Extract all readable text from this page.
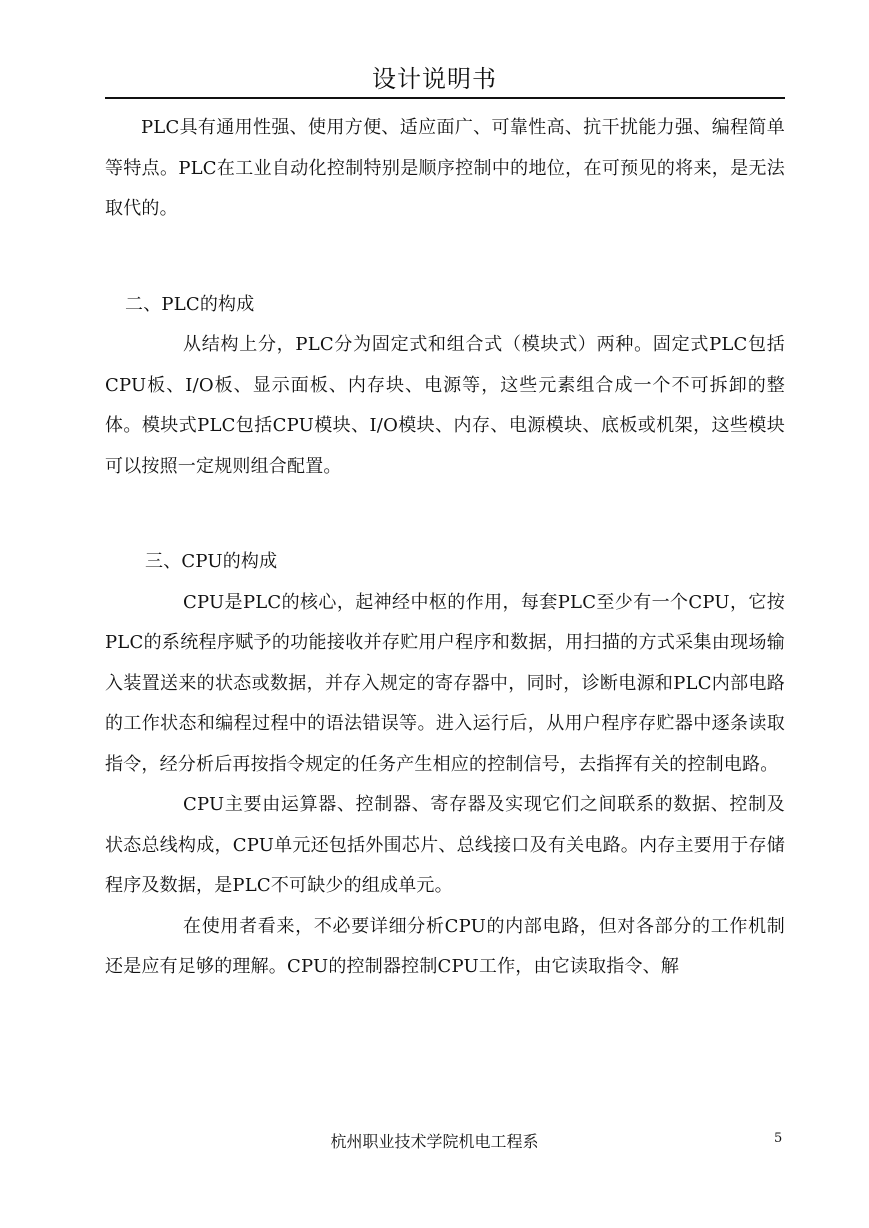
设计说明书

PLC具有通用性强、使用方便、适应面广、可靠性高、抗干扰能力强、编程简单等特点。PLC在工业自动化控制特别是顺序控制中的地位，在可预见的将来，是无法取代的。

二、PLC的构成

从结构上分，PLC分为固定式和组合式（模块式）两种。固定式PLC包括CPU板、I/O板、显示面板、内存块、电源等，这些元素组合成一个不可拆卸的整体。模块式PLC包括CPU模块、I/O模块、内存、电源模块、底板或机架，这些模块可以按照一定规则组合配置。

三、CPU的构成

CPU是PLC的核心，起神经中枢的作用，每套PLC至少有一个CPU，它按PLC的系统程序赋予的功能接收并存贮用户程序和数据，用扫描的方式采集由现场输入装置送来的状态或数据，并存入规定的寄存器中，同时，诊断电源和PLC内部电路的工作状态和编程过程中的语法错误等。进入运行后，从用户程序存贮器中逐条读取指令，经分析后再按指令规定的任务产生相应的控制信号，去指挥有关的控制电路。

CPU主要由运算器、控制器、寄存器及实现它们之间联系的数据、控制及状态总线构成，CPU单元还包括外围芯片、总线接口及有关电路。内存主要用于存储程序及数据，是PLC不可缺少的组成单元。

在使用者看来，不必要详细分析CPU的内部电路，但对各部分的工作机制还是应有足够的理解。CPU的控制器控制CPU工作，由它读取指令、解

杭州职业技术学院机电工程系	5
